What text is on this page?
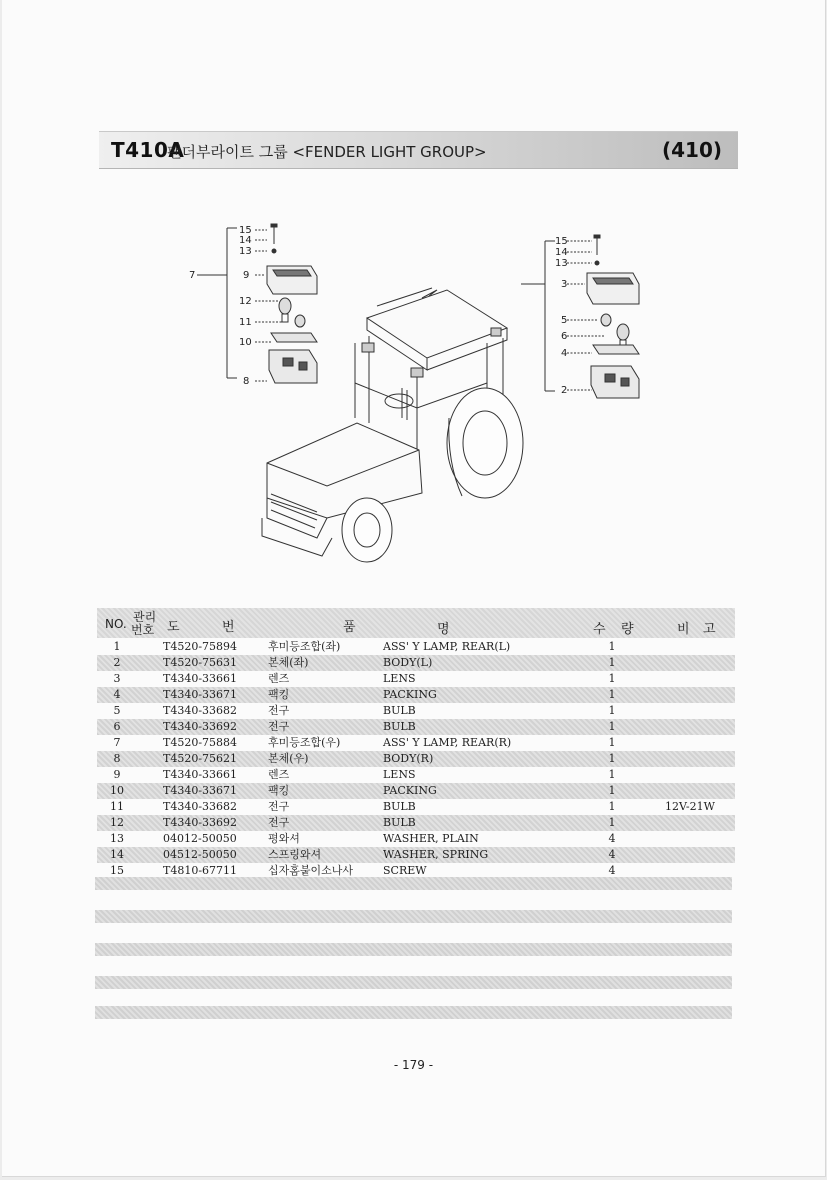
T410A
팬더부라이트 그룹 <FENDER LIGHT GROUP>	(410)
15
14
13
9
12
11
10
8
7
15
14
13
3
5
6
4
2
NO. 관리
번호 도	번	품	명	수 량	비 고
1	T4520-75894	후미등조합(좌)	ASS' Y LAMP, REAR(L)	1
2	T4520-75631	본체(좌)	BODY(L)	1
3	T4340-33661	렌즈	LENS	1
4	T4340-33671	팩킹	PACKING	1
5	T4340-33682	전구	BULB	1
6	T4340-33692	전구	BULB	1
7	T4520-75884	후미등조합(우)	ASS' Y LAMP, REAR(R)	1
8	T4520-75621	본체(우)	BODY(R)	1
9	T4340-33661	렌즈	LENS	1
10	T4340-33671	팩킹	PACKING	1
11	T4340-33682	전구	BULB	1	12V-21W
12	T4340-33692	전구	BULB	1
13	04012-50050	평와셔	WASHER, PLAIN	4
14	04512-50050	스프링와셔	WASHER, SPRING	4
15	T4810-67711	십자홈붙이소나사	SCREW	4
- 179 -
